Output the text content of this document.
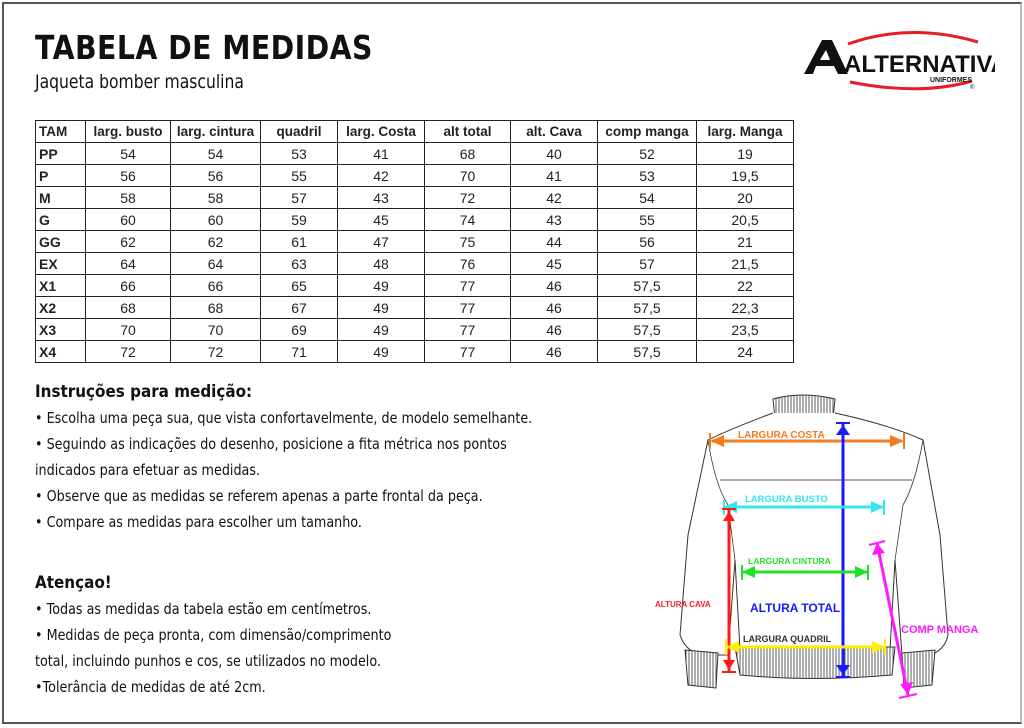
TABELA DE MEDIDAS
Jaqueta bomber masculina
ALTERNATIVA
UNIFORMES
®
TAM	larg. busto	larg. cintura	quadril	larg. Costa	alt total	alt. Cava	comp manga	larg. Manga
PP	54	54	53	41	68	40	52	19
P	56	56	55	42	70	41	53	19,5
M	58	58	57	43	72	42	54	20
G	60	60	59	45	74	43	55	20,5
GG	62	62	61	47	75	44	56	21
EX	64	64	63	48	76	45	57	21,5
X1	66	66	65	49	77	46	57,5	22
X2	68	68	67	49	77	46	57,5	22,3
X3	70	70	69	49	77	46	57,5	23,5
X4	72	72	71	49	77	46	57,5	24
Instruções para medição:

• Escolha uma peça sua, que vista confortavelmente, de modelo semelhante.

• Seguindo as indicações do desenho, posicione a fita métrica nos pontos

indicados para efetuar as medidas.

• Observe que as medidas se referem apenas a parte frontal da peça.

• Compare as medidas para escolher um tamanho.

Atençao!

• Todas as medidas da tabela estão em centímetros.

• Medidas de peça pronta, com dimensão/comprimento

total, incluindo punhos e cos, se utilizados no modelo.

•Tolerância de medidas de até 2cm.

LARGURA COSTA
ALTURA TOTAL
LARGURA BUSTO
ALTURA CAVA
LARGURA CINTURA
LARGURA QUADRIL
COMP MANGA
